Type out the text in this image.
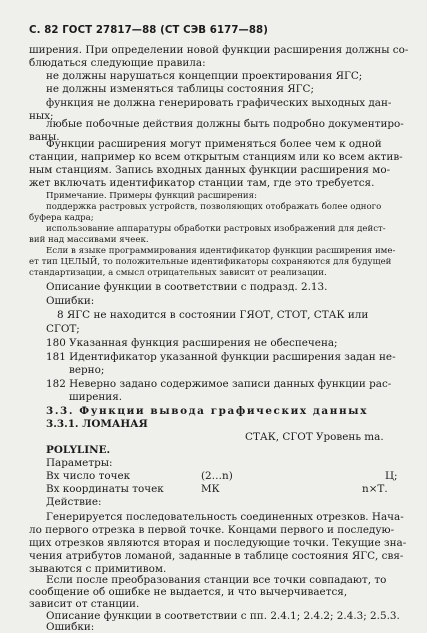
С. 82 ГОСТ 27817—88 (СТ СЭВ 6177—88)
ширения. При определении новой функции расширения должны со-
блюдаться следующие правила:
не должны нарушаться концепции проектирования ЯГС;
не должны изменяться таблицы состояния ЯГС;
функция не должна генерировать графических выходных дан-
ных;
любые побочные действия должны быть подробно документиро-
ваны.
Функции расширения могут применяться более чем к одной
станции, например ко всем открытым станциям или ко всем актив-
ным станциям. Запись входных данных функции расширения мо-
жет включать идентификатор станции там, где это требуется.
Примечание. Примеры функций расширения:
поддержка растровых устройств, позволяющих отображать более одного
буфера кадра;
использование аппаратуры обработки растровых изображений для дейст-
вий над массивами ячеек.
Если в языке программирования идентификатор функции расширения име-
ет тип ЦЕЛЫЙ, то положительные идентификаторы сохраняются для будущей
стандартизации, а смысл отрицательных зависит от реализации.
Описание функции в соответствии с подразд. 2.13.
Ошибки:
8 ЯГС не находится в состоянии ГЯОТ, СТОТ, СТАК или
СГОТ;
180 Указанная функция расширения не обеспечена;
181 Идентификатор указанной функции расширения задан не-
верно;
182 Неверно задано содержимое записи данных функции рас-
ширения.
3.3. Функции вывода графических данных
3.3.1. ЛОМАНАЯ
СТАК, СГОТ Уровень ma.
POLYLINE.
Параметры:
Вх число точек	(2…n)	Ц;
Вх координаты точек	МК	n×Т.
Действие:
Генерируется последовательность соединенных отрезков. Нача-
ло первого отрезка в первой точке. Концами первого и последую-
щих отрезков являются вторая и последующие точки. Текущие зна-
чения атрибутов ломаной, заданные в таблице состояния ЯГС, свя-
зываются с примитивом.
Если после преобразования станции все точки совпадают, то
сообщение об ошибке не выдается, и что вычерчивается,
зависит от станции.
Описание функции в соответствии с пп. 2.4.1; 2.4.2; 2.4.3; 2.5.3.
Ошибки:
